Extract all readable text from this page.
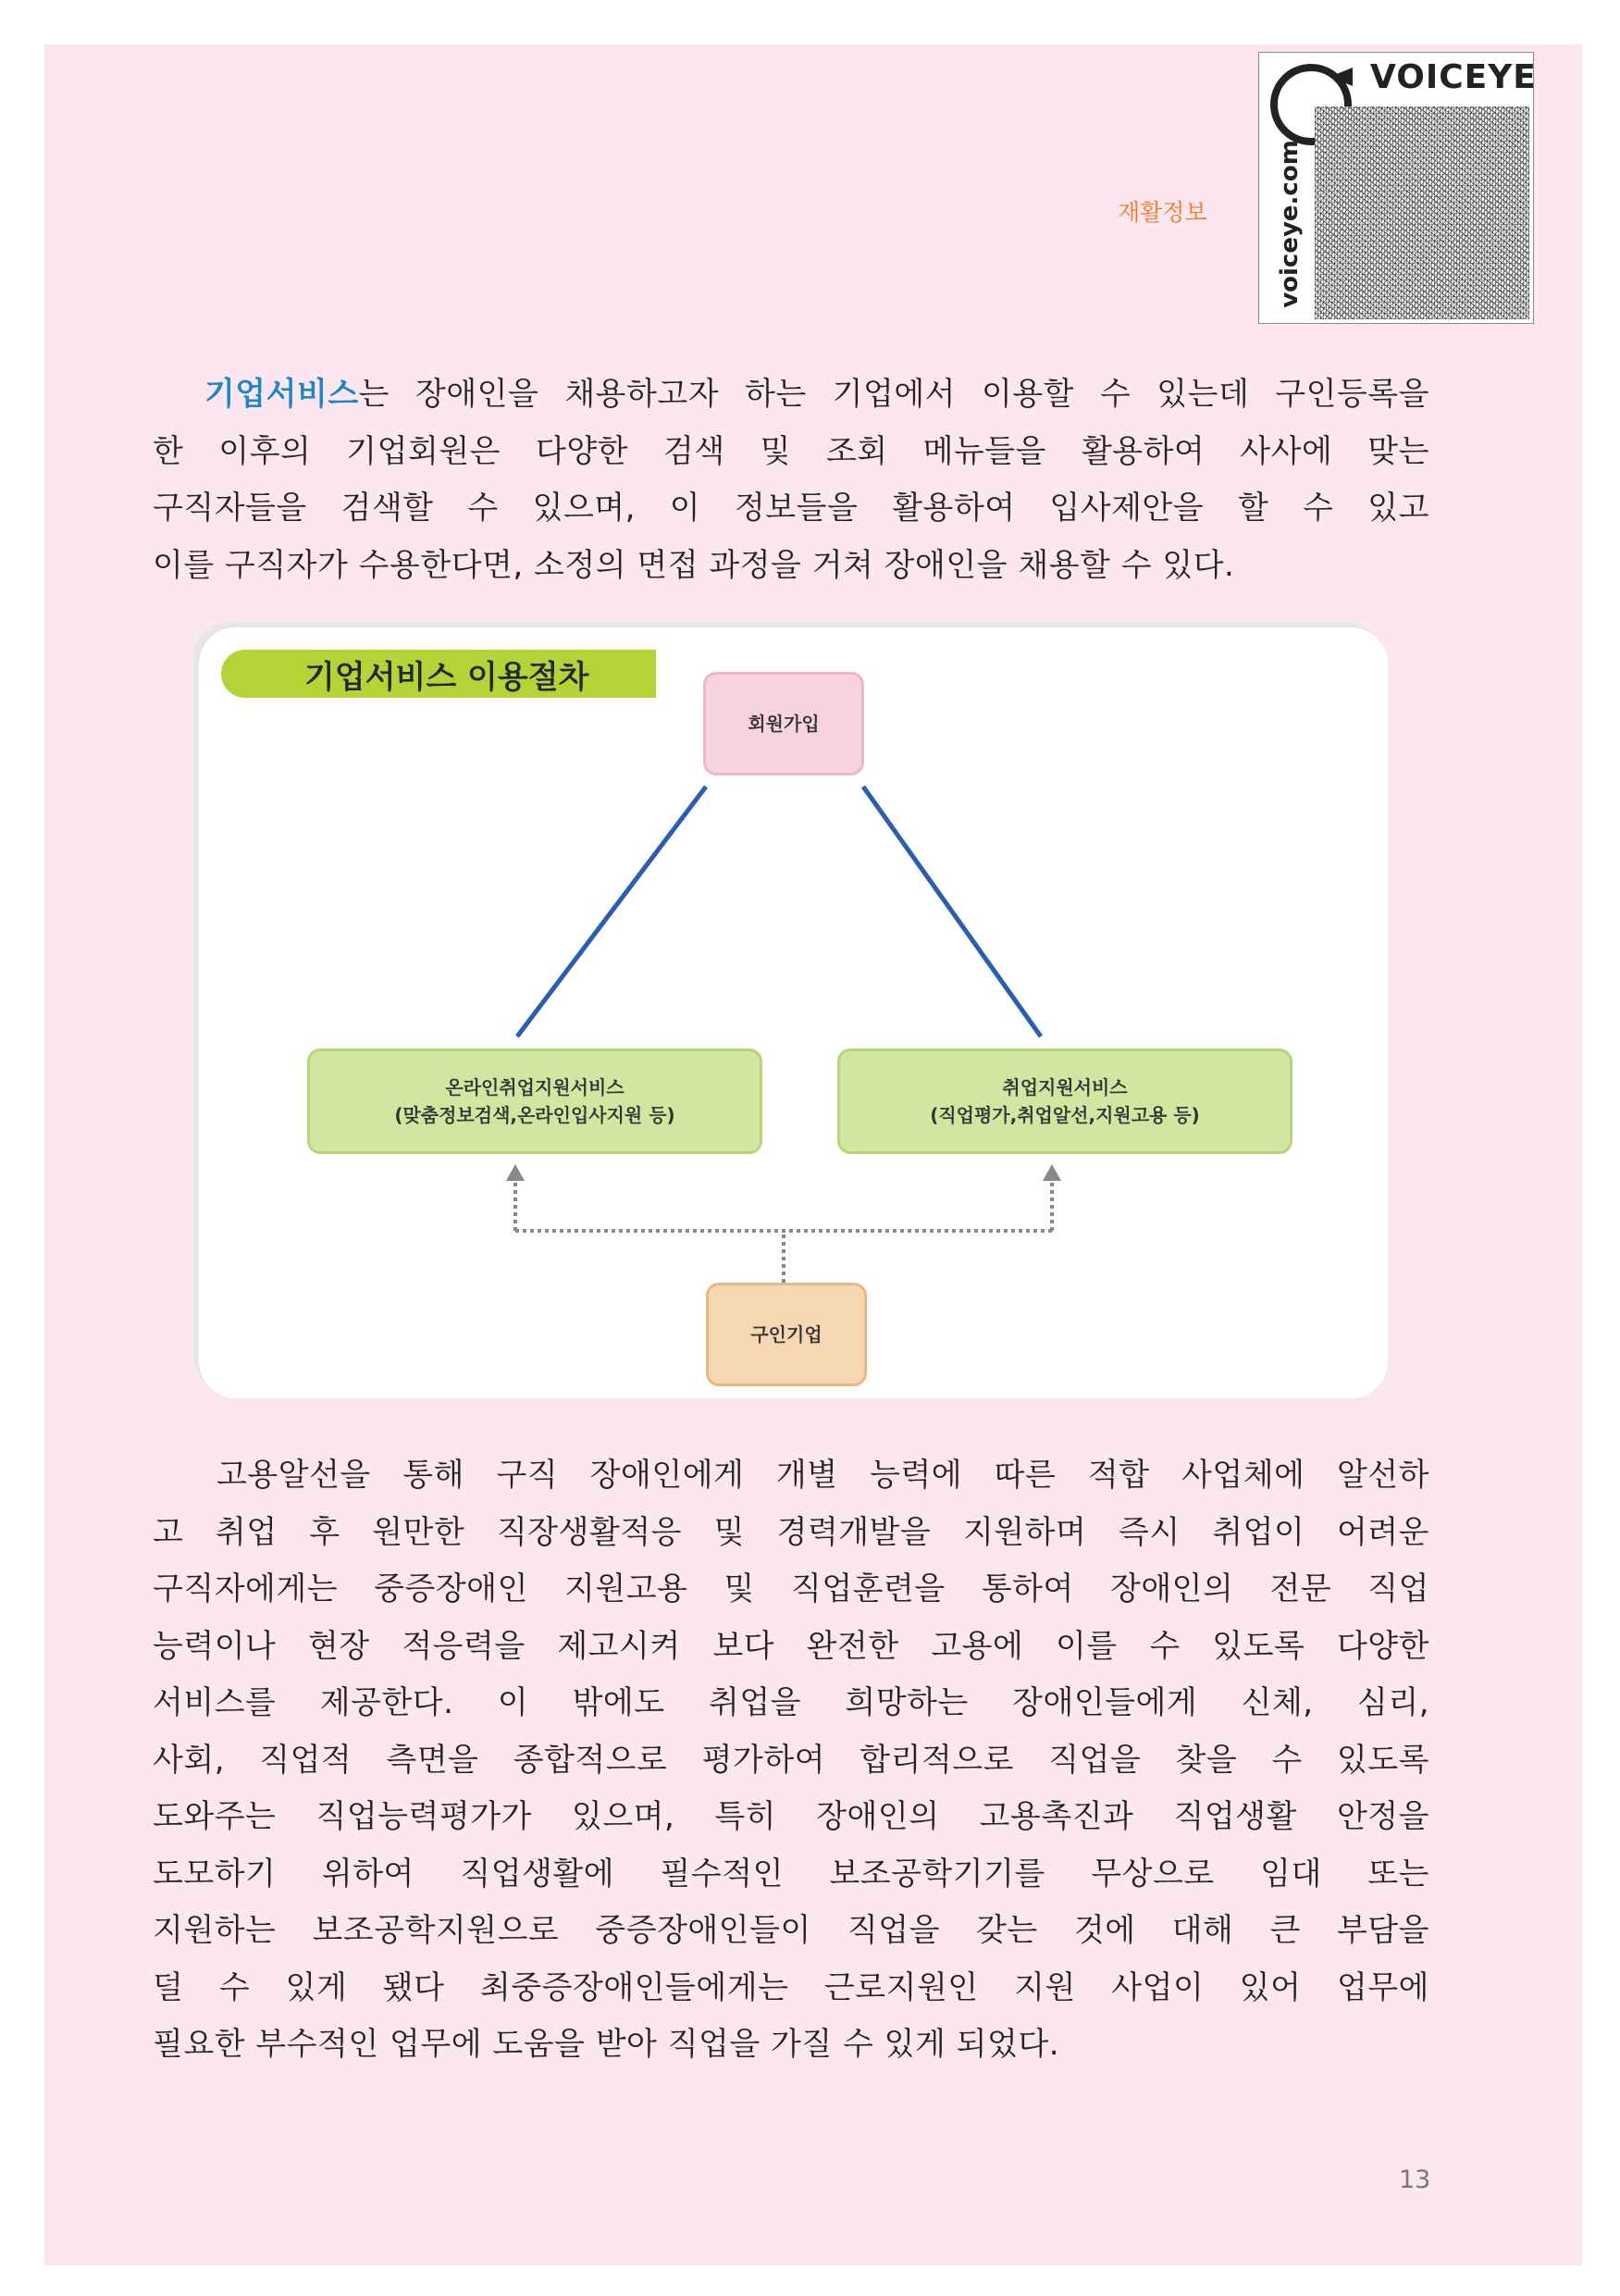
재활정보
VOICEYE
voiceye.com
기업서비스는 장애인을 채용하고자 하는 기업에서 이용할 수 있는데 구인등록을
한 이후의 기업회원은 다양한 검색 및 조회 메뉴들을 활용하여 사사에 맞는
구직자들을 검색할 수 있으며, 이 정보들을 활용하여 입사제안을 할 수 있고
이를 구직자가 수용한다면, 소정의 면접 과정을 거쳐 장애인을 채용할 수 있다.
기업서비스 이용절차
회원가입
온라인취업지원서비스
(맞춤정보검색,온라인입사지원 등)
취업지원서비스
(직업평가,취업알선,지원고용 등)
구인기업
고용알선을 통해 구직 장애인에게 개별 능력에 따른 적합 사업체에 알선하
고 취업 후 원만한 직장생활적응 및 경력개발을 지원하며 즉시 취업이 어려운
구직자에게는 중증장애인 지원고용 및 직업훈련을 통하여 장애인의 전문 직업
능력이나 현장 적응력을 제고시켜 보다 완전한 고용에 이를 수 있도록 다양한
서비스를 제공한다. 이 밖에도 취업을 희망하는 장애인들에게 신체, 심리,
사회, 직업적 측면을 종합적으로 평가하여 합리적으로 직업을 찾을 수 있도록
도와주는 직업능력평가가 있으며, 특히 장애인의 고용촉진과 직업생활 안정을
도모하기 위하여 직업생활에 필수적인 보조공학기기를 무상으로 임대 또는
지원하는 보조공학지원으로 중증장애인들이 직업을 갖는 것에 대해 큰 부담을
덜 수 있게 됐다 최중증장애인들에게는 근로지원인 지원 사업이 있어 업무에
필요한 부수적인 업무에 도움을 받아 직업을 가질 수 있게 되었다.
13
